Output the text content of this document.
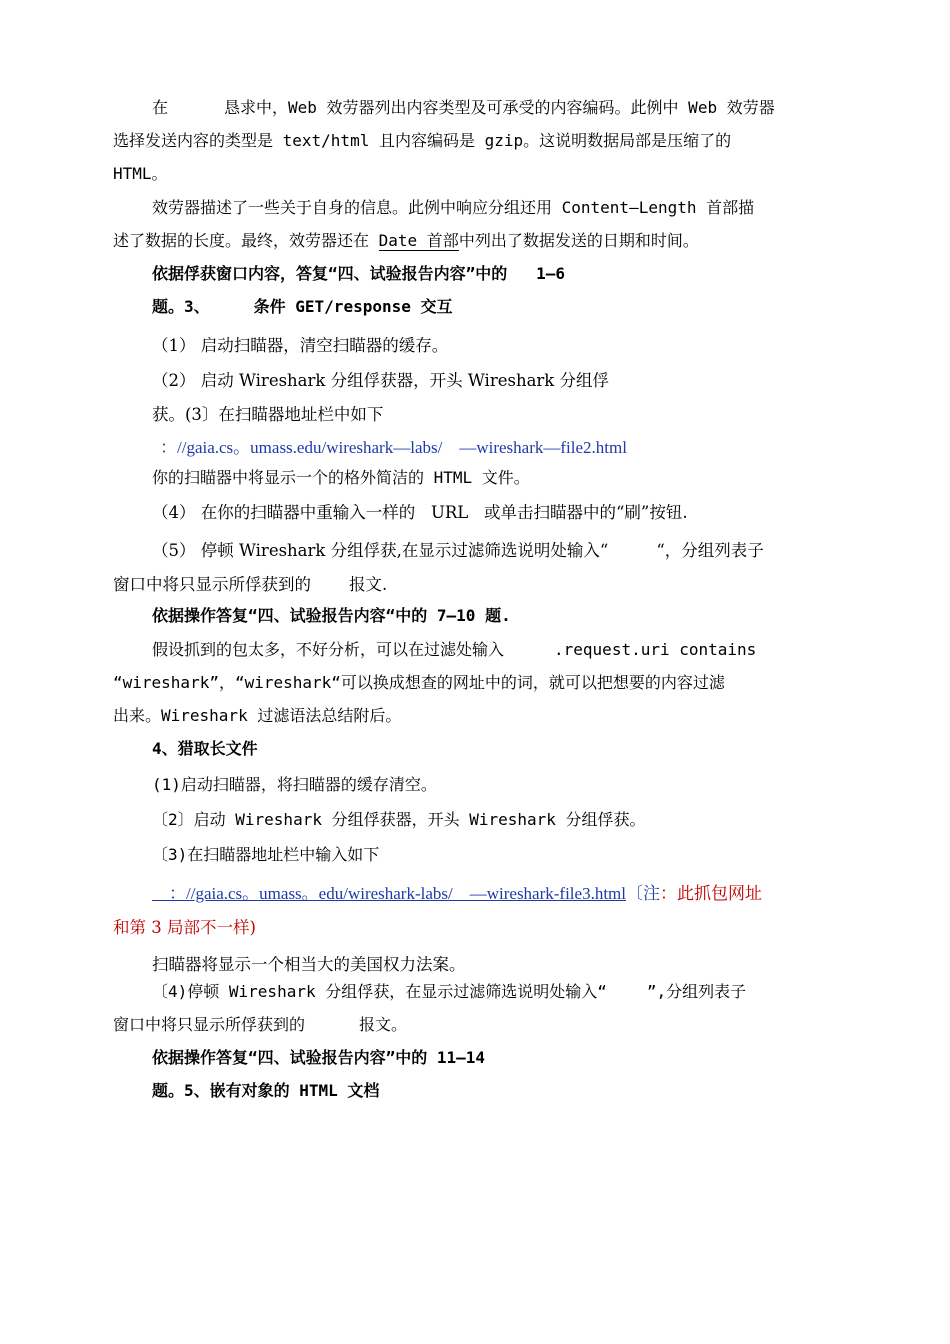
在	恳求中，Web 效劳器列出内容类型及可承受的内容编码。此例中 Web 效劳器
选择发送内容的类型是 text/html 且内容编码是 gzip。这说明数据局部是压缩了的
HTML。
效劳器描述了一些关于自身的信息。此例中响应分组还用 Content—Length 首部描
述了数据的长度。最终，效劳器还在 Date 首部中列出了数据发送的日期和时间。
依据俘获窗口内容，答复“四、试验报告内容”中的   1—6
题。3、	条件 GET/response 交互
（1） 启动扫瞄器，清空扫瞄器的缓存。
（2） 启动 Wireshark 分组俘获器，开头 Wireshark 分组俘
获。(3〕在扫瞄器地址栏中如下
：//gaia.cs。umass.edu/wireshark—labs/    —wireshark—file2.html
你的扫瞄器中将显示一个的格外简洁的 HTML 文件。
（4） 在你的扫瞄器中重输入一样的   URL   或单击扫瞄器中的“刷”按钮.
（5） 停顿 Wireshark 分组俘获,在显示过滤筛选说明处输入“	“，分组列表子
窗口中将只显示所俘获到的 报文.
依据操作答复“四、试验报告内容“中的 7—10 题.
假设抓到的包太多，不好分析，可以在过滤处输入	.request.uri contains
“wireshark”，“wireshark“可以换成想查的网址中的词，就可以把想要的内容过滤
出来。Wireshark 过滤语法总结附后。
4、猎取长文件
(1)启动扫瞄器，将扫瞄器的缓存清空。
〔2〕启动 Wireshark 分组俘获器，开头 Wireshark 分组俘获。
〔3)在扫瞄器地址栏中输入如下
：//gaia.cs。umass。edu/wireshark-labs/    —wireshark-file3.html〔注：此抓包网址
和第 3 局部不一样)
扫瞄器将显示一个相当大的美国权力法案。
〔4)停顿 Wireshark 分组俘获，在显示过滤筛选说明处输入“	”,分组列表子
窗口中将只显示所俘获到的	报文。
依据操作答复“四、试验报告内容”中的 11—14
题。5、嵌有对象的 HTML 文档
